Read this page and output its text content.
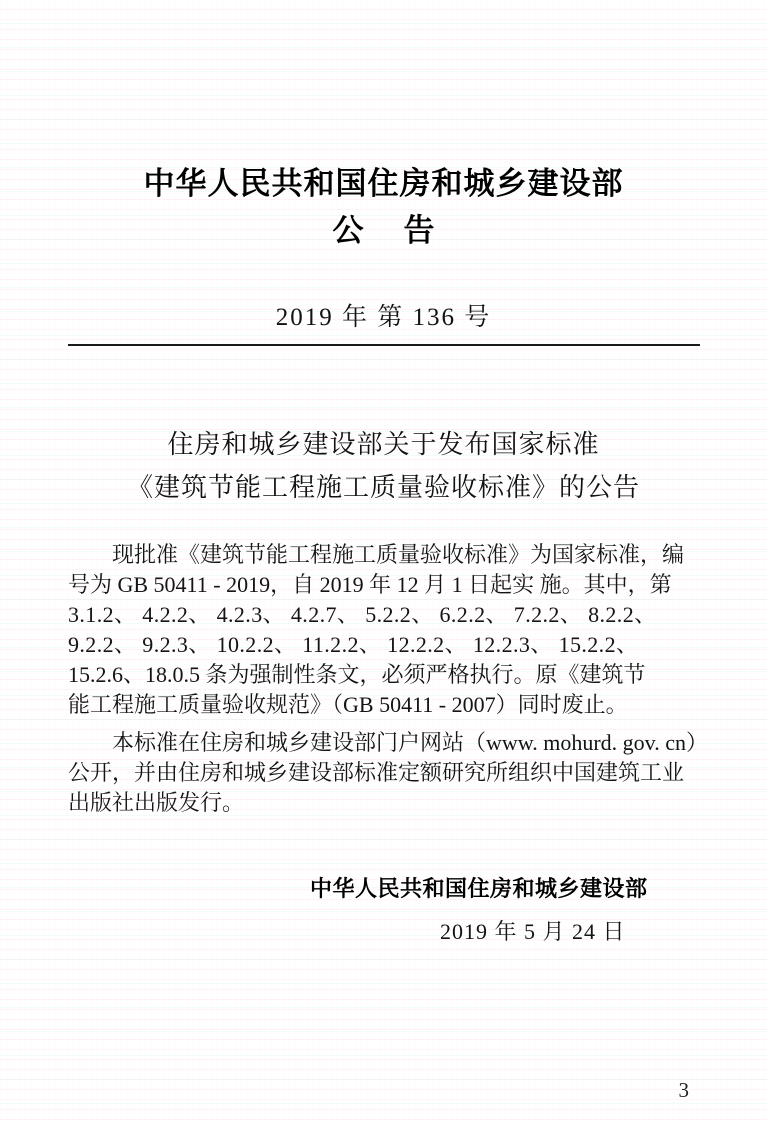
中华人民共和国住房和城乡建设部
公告
2019 年 第 136 号
住房和城乡建设部关于发布国家标准
《建筑节能工程施工质量验收标准》的公告
现批准《建筑节能工程施工质量验收标准》为国家标准，编
号为 GB 50411 - 2019，自 2019 年 12 月 1 日起实 施。其中，第
3.1.2、 4.2.2、 4.2.3、 4.2.7、 5.2.2、 6.2.2、 7.2.2、 8.2.2、
9.2.2、 9.2.3、 10.2.2、 11.2.2、 12.2.2、 12.2.3、 15.2.2、
15.2.6、18.0.5 条为强制性条文，必须严格执行。原《建筑节
能工程施工质量验收规范》（GB 50411 - 2007）同时废止。
本标准在住房和城乡建设部门户网站（www. mohurd. gov. cn）
公开，并由住房和城乡建设部标准定额研究所组织中国建筑工业
出版社出版发行。
中华人民共和国住房和城乡建设部
2019 年 5 月 24 日
3
